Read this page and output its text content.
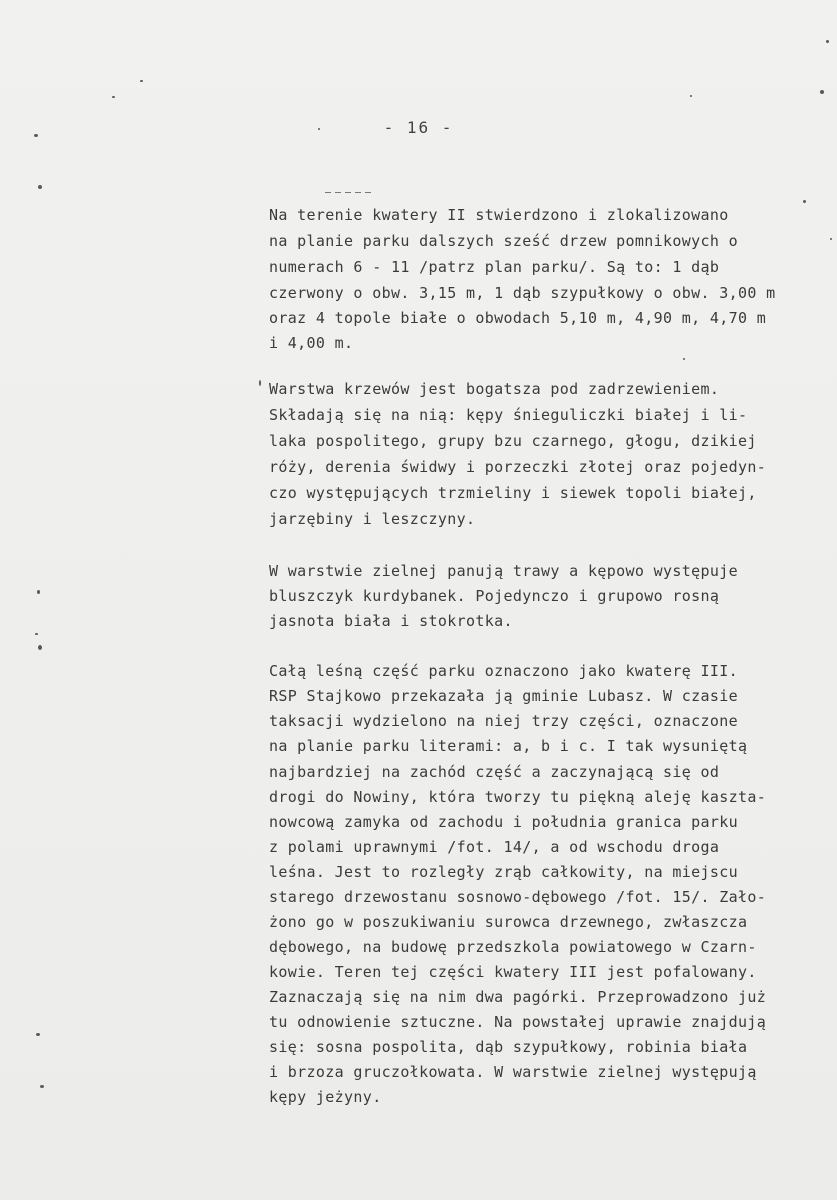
- 16 -
Na terenie kwatery II stwierdzono i zlokalizowano
na planie parku dalszych sześć drzew pomnikowych o
numerach 6 - 11 /patrz plan parku/. Są to: 1 dąb
czerwony o obw. 3,15 m, 1 dąb szypułkowy o obw. 3,00 m
oraz 4 topole białe o obwodach 5,10 m, 4,90 m, 4,70 m
i 4,00 m.
Warstwa krzewów jest bogatsza pod zadrzewieniem.
Składają się na nią: kępy śnieguliczki białej i li-
laka pospolitego, grupy bzu czarnego, głogu, dzikiej
róży, derenia świdwy i porzeczki złotej oraz pojedyn-
czo występujących trzmieliny i siewek topoli białej,
jarzębiny i leszczyny.
W warstwie zielnej panują trawy a kępowo występuje
bluszczyk kurdybanek. Pojedynczo i grupowo rosną
jasnota biała i stokrotka.
Całą leśną część parku oznaczono jako kwaterę III.
RSP Stajkowo przekazała ją gminie Lubasz. W czasie
taksacji wydzielono na niej trzy części, oznaczone
na planie parku literami: a, b i c. I tak wysuniętą
najbardziej na zachód część a zaczynającą się od
drogi do Nowiny, która tworzy tu piękną aleję kaszta-
nowcową zamyka od zachodu i południa granica parku
z polami uprawnymi /fot. 14/, a od wschodu droga
leśna. Jest to rozległy zrąb całkowity, na miejscu
starego drzewostanu sosnowo-dębowego /fot. 15/. Zało-
żono go w poszukiwaniu surowca drzewnego, zwłaszcza
dębowego, na budowę przedszkola powiatowego w Czarn-
kowie. Teren tej części kwatery III jest pofalowany.
Zaznaczają się na nim dwa pagórki. Przeprowadzono już
tu odnowienie sztuczne. Na powstałej uprawie znajdują
się: sosna pospolita, dąb szypułkowy, robinia biała
i brzoza gruczołkowata. W warstwie zielnej występują
kępy jeżyny.
